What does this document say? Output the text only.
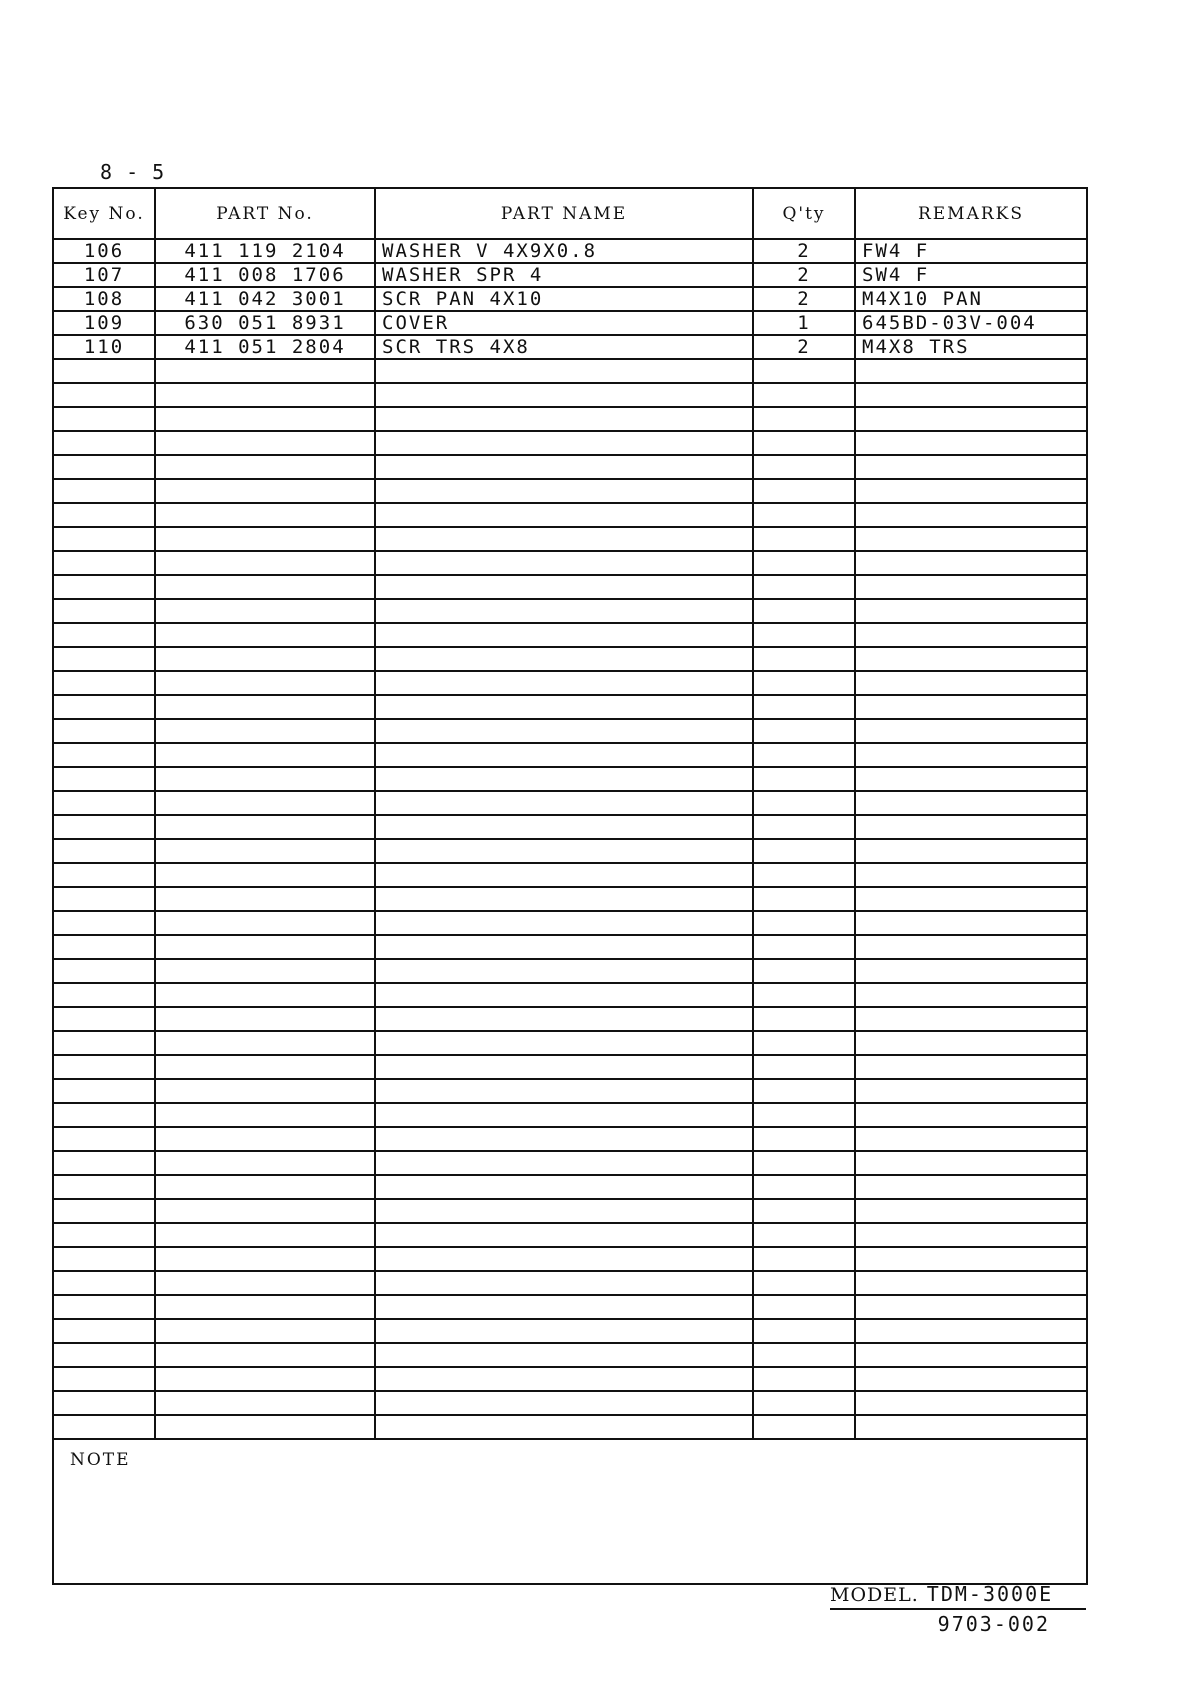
8 - 5
Key No.	PART No.	PART NAME	Q'ty	REMARKS
106	411 119 2104	WASHER V 4X9X0.8	2	FW4 F
107	411 008 1706	WASHER SPR 4	2	SW4 F
108	411 042 3001	SCR PAN 4X10	2	M4X10 PAN
109	630 051 8931	COVER	1	645BD-03V-004
110	411 051 2804	SCR TRS 4X8	2	M4X8 TRS
NOTE
MODEL. TDM-3000E
9703-002
